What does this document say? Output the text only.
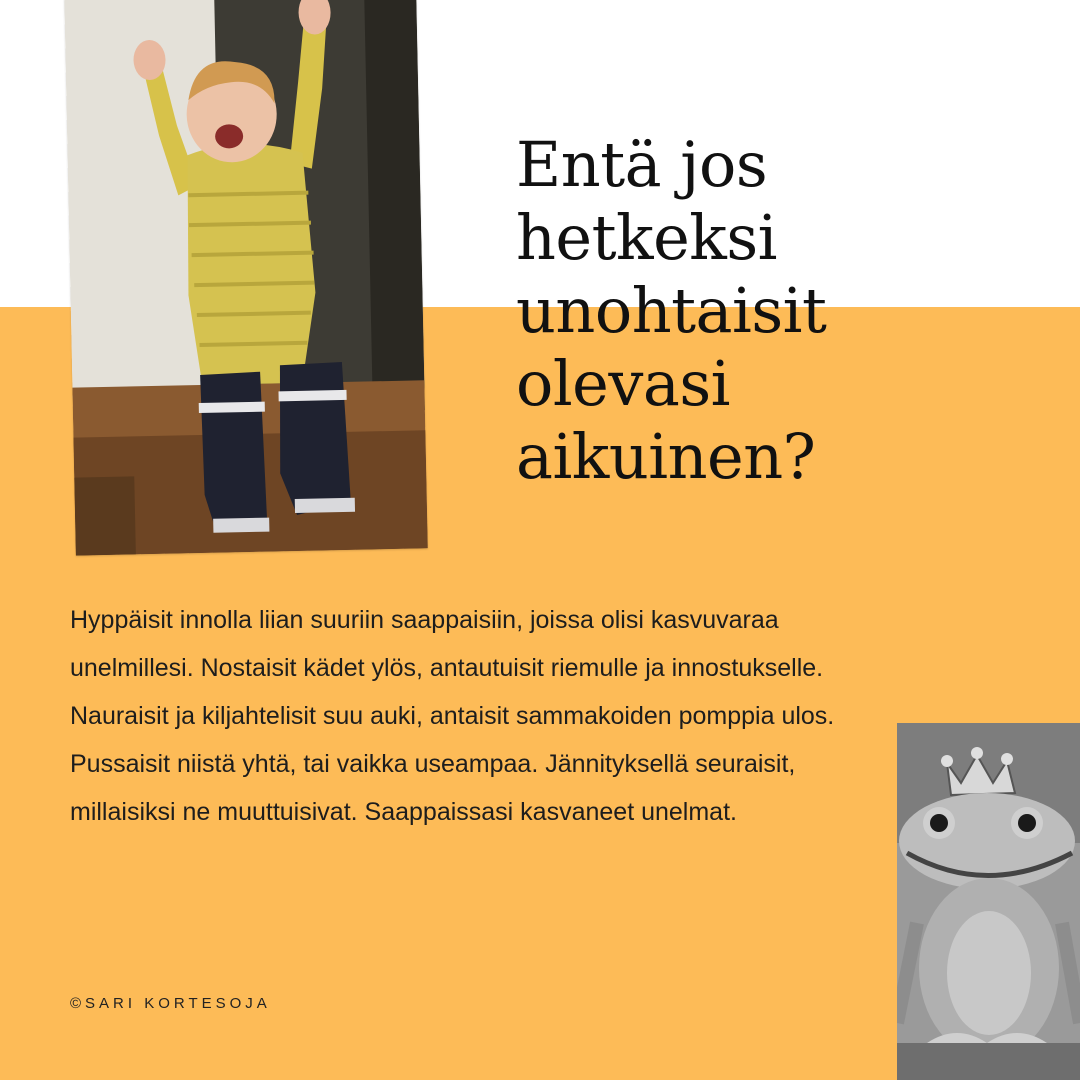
Entä jos
hetkeksi
unohtaisit
olevasi
aikuinen?

Hyppäisit innolla liian suuriin saappaisiin, joissa olisi kasvuvaraa unelmillesi. Nostaisit kädet ylös, antautuisit riemulle ja innostukselle. Nauraisit ja kiljahtelisit suu auki, antaisit sammakoiden pomppia ulos. Pussaisit niistä yhtä, tai vaikka useampaa. Jännityksellä seuraisit, millaisiksi ne muuttuisivat. Saappaissasi kasvaneet unelmat.

©SARI KORTESOJA
